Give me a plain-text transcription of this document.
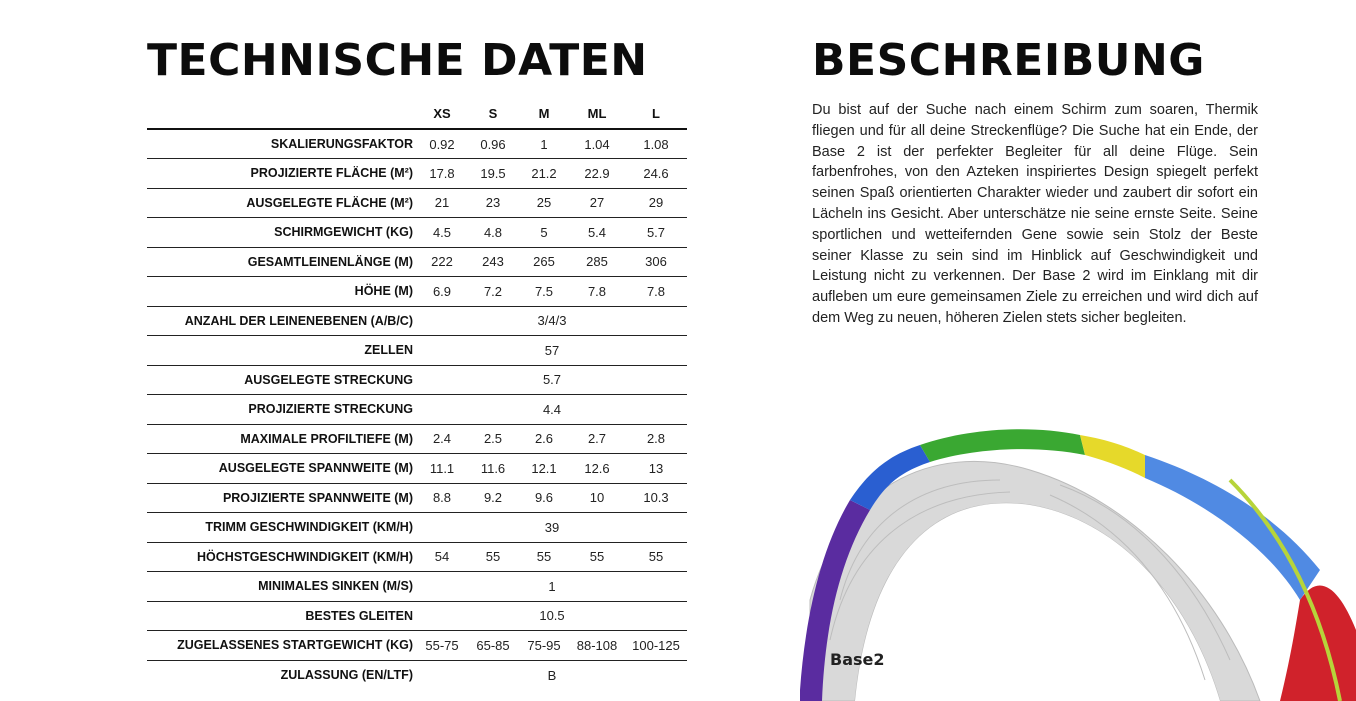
TECHNISCHE DATEN
	XS	S	M	ML	L
SKALIERUNGSFAKTOR	0.92	0.96	1	1.04	1.08
PROJIZIERTE FLÄCHE (M²)	17.8	19.5	21.2	22.9	24.6
AUSGELEGTE FLÄCHE (M²)	21	23	25	27	29
SCHIRMGEWICHT (KG)	4.5	4.8	5	5.4	5.7
GESAMTLEINENLÄNGE (M)	222	243	265	285	306
HÖHE (M)	6.9	7.2	7.5	7.8	7.8
ANZAHL DER LEINENEBENEN (A/B/C)	3/4/3				
ZELLEN	57				
AUSGELEGTE STRECKUNG	5.7				
PROJIZIERTE STRECKUNG	4.4				
MAXIMALE PROFILTIEFE (M)	2.4	2.5	2.6	2.7	2.8
AUSGELEGTE SPANNWEITE (M)	11.1	11.6	12.1	12.6	13
PROJIZIERTE SPANNWEITE (M)	8.8	9.2	9.6	10	10.3
TRIMM GESCHWINDIGKEIT (KM/H)	39				
HÖCHSTGESCHWINDIGKEIT (KM/H)	54	55	55	55	55
MINIMALES SINKEN (M/S)	1				
BESTES GLEITEN	10.5				
ZUGELASSENES STARTGEWICHT (KG)	55-75	65-85	75-95	88-108	100-125
ZULASSUNG (EN/LTF)	B				
BESCHREIBUNG

Du bist auf der Suche nach einem Schirm zum soaren, Thermik fliegen und für all deine Streckenflüge? Die Suche hat ein Ende, der Base 2 ist der perfekter Begleiter für all deine Flüge. Sein farbenfrohes, von den Azteken inspiriertes Design spiegelt perfekt seinen Spaß orientierten Charakter wieder und zaubert dir sofort ein Lächeln ins Gesicht. Aber unterschätze nie seine ernste Seite. Seine sportlichen und wetteifernden Gene sowie sein Stolz der Beste seiner Klasse zu sein sind im Hinblick auf Geschwindigkeit und Leistung nicht zu verkennen. Der Base 2 wird im Einklang mit dir aufleben um eure gemeinsamen Ziele zu erreichen und wird dich auf dem Weg zu neuen, höheren Zielen stets sicher begleiten.

Base2
